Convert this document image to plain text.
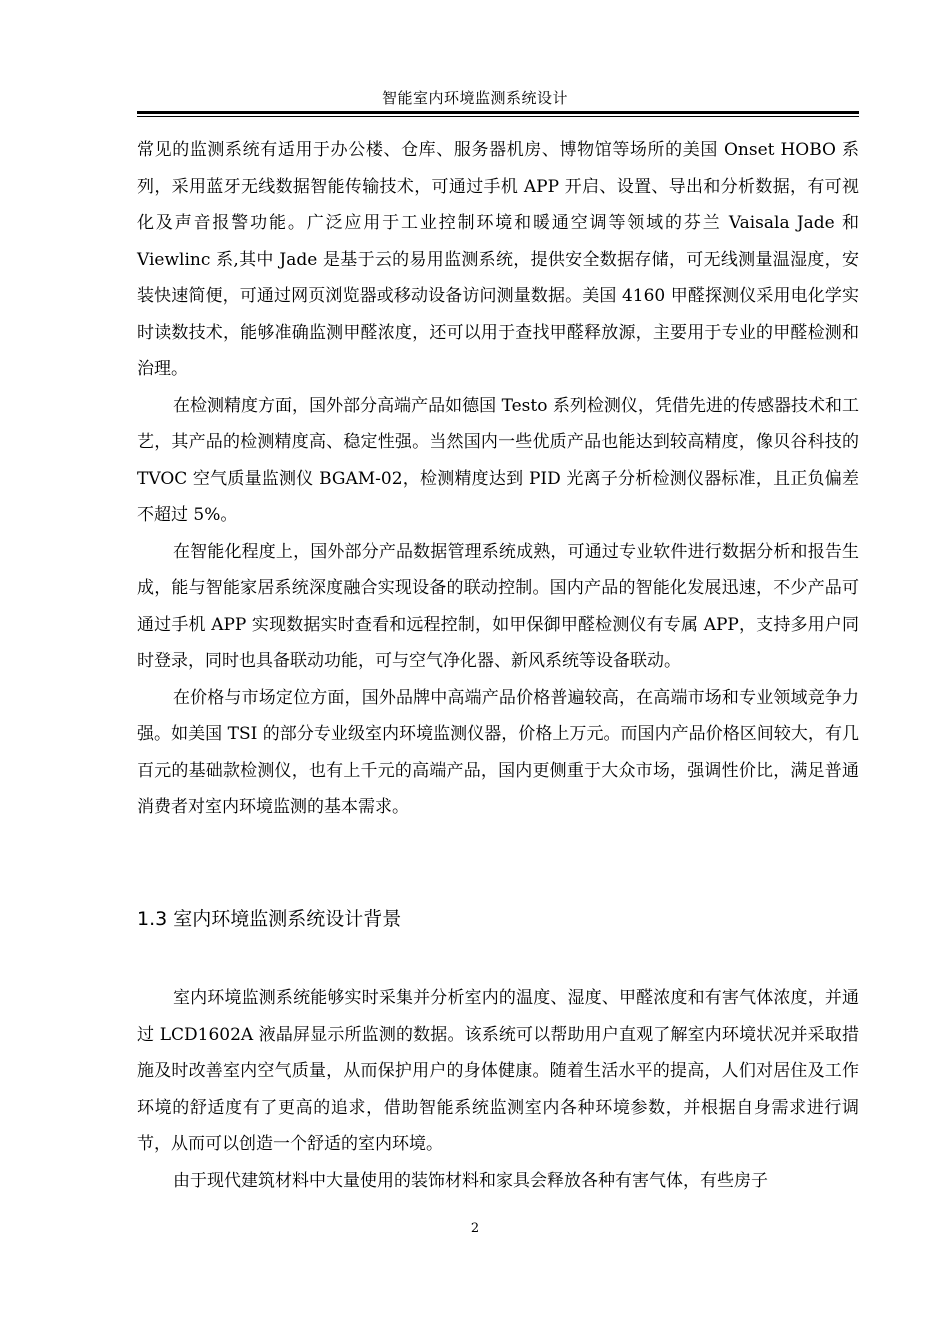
智能室内环境监测系统设计

常见的监测系统有适用于办公楼、仓库、服务器机房、博物馆等场所的美国 Onset HOBO 系列，采用蓝牙无线数据智能传输技术，可通过手机 APP 开启、设置、导出和分析数据，有可视化及声音报警功能。广泛应用于工业控制环境和暖通空调等领域的芬兰 Vaisala Jade 和 Viewlinc 系,其中 Jade 是基于云的易用监测系统，提供安全数据存储，可无线测量温湿度，安装快速简便，可通过网页浏览器或移动设备访问测量数据。美国 4160 甲醛探测仪采用电化学实时读数技术，能够准确监测甲醛浓度，还可以用于查找甲醛释放源，主要用于专业的甲醛检测和治理。

在检测精度方面，国外部分高端产品如德国 Testo 系列检测仪，凭借先进的传感器技术和工艺，其产品的检测精度高、稳定性强。当然国内一些优质产品也能达到较高精度，像贝谷科技的 TVOC 空气质量监测仪 BGAM-02，检测精度达到 PID 光离子分析检测仪器标准，且正负偏差不超过 5%。

在智能化程度上，国外部分产品数据管理系统成熟，可通过专业软件进行数据分析和报告生成，能与智能家居系统深度融合实现设备的联动控制。国内产品的智能化发展迅速，不少产品可通过手机 APP 实现数据实时查看和远程控制，如甲保御甲醛检测仪有专属 APP，支持多用户同时登录，同时也具备联动功能，可与空气净化器、新风系统等设备联动。

在价格与市场定位方面，国外品牌中高端产品价格普遍较高，在高端市场和专业领域竞争力强。如美国 TSI 的部分专业级室内环境监测仪器，价格上万元。而国内产品价格区间较大，有几百元的基础款检测仪，也有上千元的高端产品，国内更侧重于大众市场，强调性价比，满足普通消费者对室内环境监测的基本需求。

1.3 室内环境监测系统设计背景

室内环境监测系统能够实时采集并分析室内的温度、湿度、甲醛浓度和有害气体浓度，并通过 LCD1602A 液晶屏显示所监测的数据。该系统可以帮助用户直观了解室内环境状况并采取措施及时改善室内空气质量，从而保护用户的身体健康。随着生活水平的提高，人们对居住及工作环境的舒适度有了更高的追求，借助智能系统监测室内各种环境参数，并根据自身需求进行调节，从而可以创造一个舒适的室内环境。

由于现代建筑材料中大量使用的装饰材料和家具会释放各种有害气体，有些房子

2
